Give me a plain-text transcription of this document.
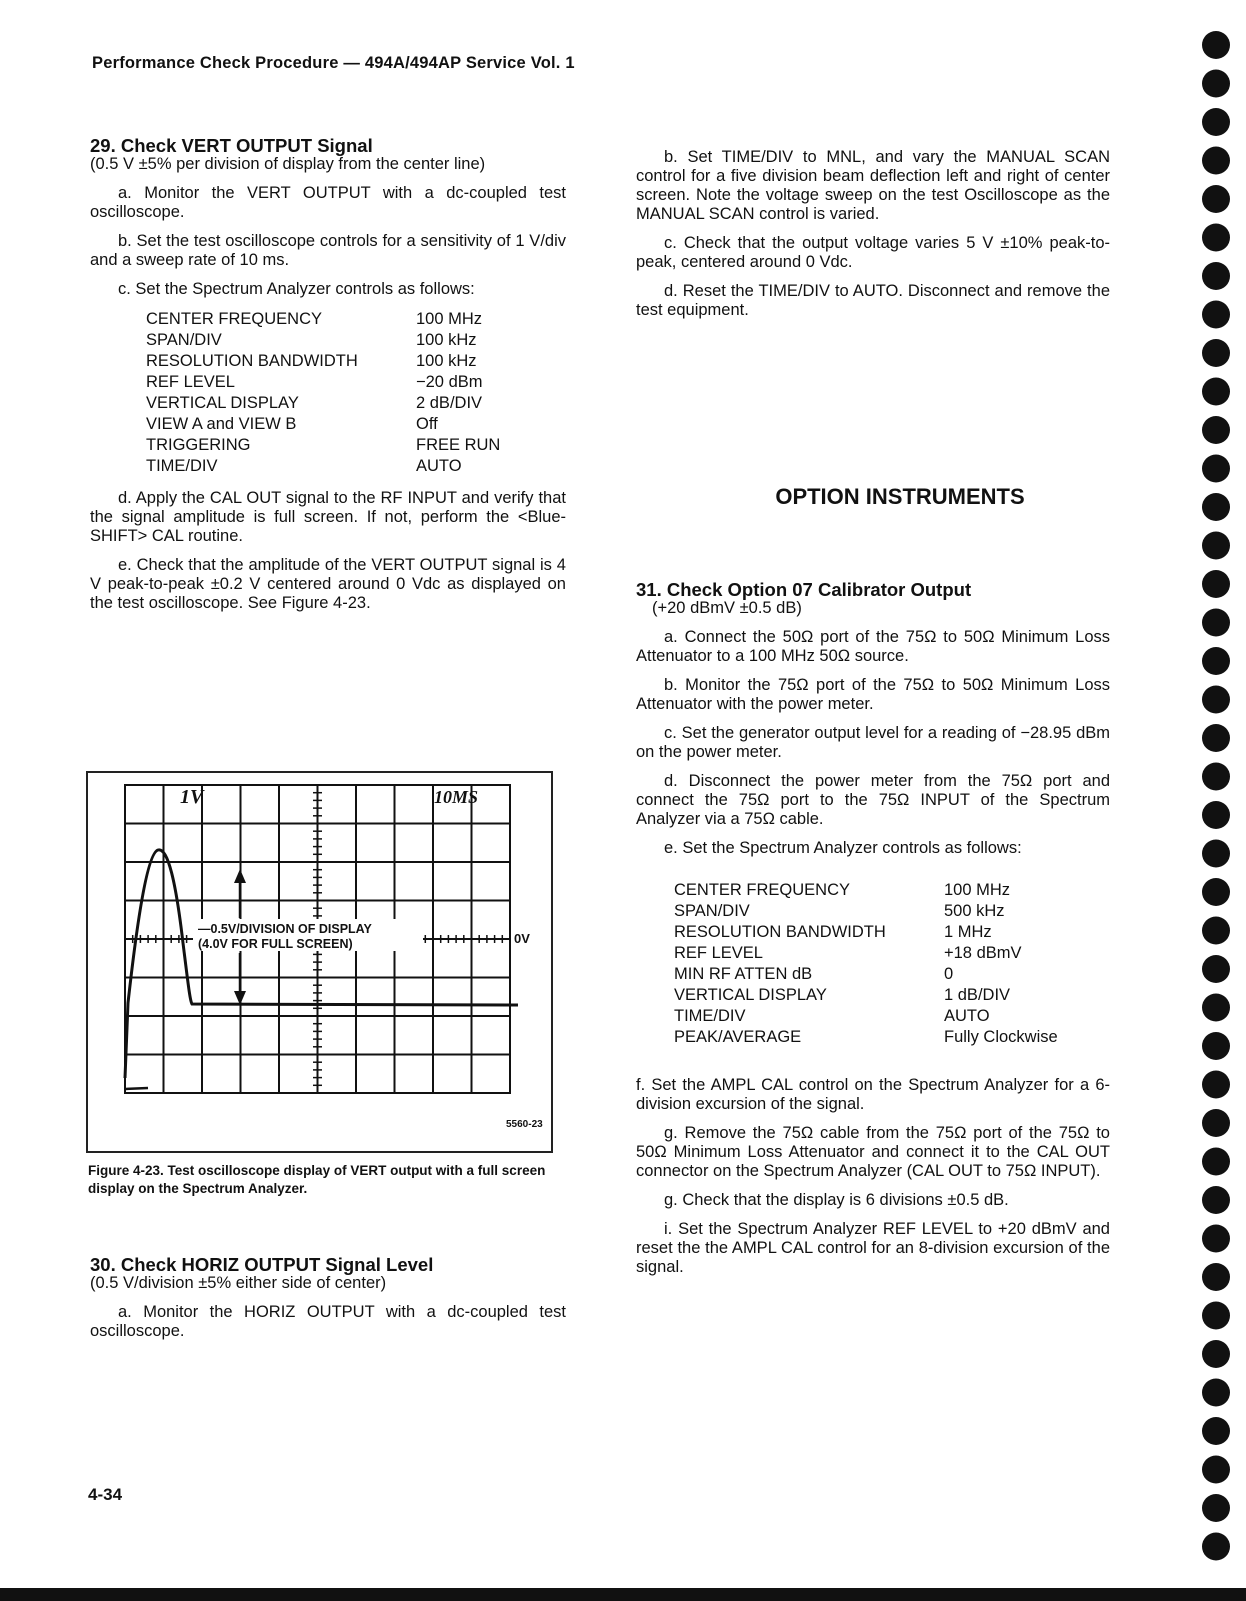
Performance Check Procedure — 494A/494AP Service Vol. 1
29. Check VERT OUTPUT Signal

(0.5 V ±5% per division of display from the center line)

a. Monitor the VERT OUTPUT with a dc-coupled test oscilloscope.

b. Set the test oscilloscope controls for a sensitivity of 1 V/div and a sweep rate of 10 ms.

c. Set the Spectrum Analyzer controls as follows:

CENTER FREQUENCY	100 MHz
SPAN/DIV	100 kHz
RESOLUTION BANDWIDTH	100 kHz
REF LEVEL	−20 dBm
VERTICAL DISPLAY	2 dB/DIV
VIEW A and VIEW B	Off
TRIGGERING	FREE RUN
TIME/DIV	AUTO

d. Apply the CAL OUT signal to the RF INPUT and verify that the signal amplitude is full screen. If not, perform the <Blue-SHIFT> CAL routine.

e. Check that the amplitude of the VERT OUTPUT signal is 4 V peak-to-peak ±0.2 V centered around 0 Vdc as displayed on the test oscilloscope. See Figure 4-23.

—0.5V/DIVISION OF DISPLAY
(4.0V FOR FULL SCREEN)	0V
1V	10MS
5560-23
Figure 4-23. Test oscilloscope display of VERT output with a full screen display on the Spectrum Analyzer.
30. Check HORIZ OUTPUT Signal Level

(0.5 V/division ±5% either side of center)

a. Monitor the HORIZ OUTPUT with a dc-coupled test oscilloscope.

b. Set TIME/DIV to MNL, and vary the MANUAL SCAN control for a five division beam deflection left and right of center screen. Note the voltage sweep on the test Oscilloscope as the MANUAL SCAN control is varied.

c. Check that the output voltage varies 5 V ±10% peak-to-peak, centered around 0 Vdc.

d. Reset the TIME/DIV to AUTO. Disconnect and remove the test equipment.

OPTION INSTRUMENTS
31. Check Option 07 Calibrator Output

(+20 dBmV ±0.5 dB)

a. Connect the 50Ω port of the 75Ω to 50Ω Minimum Loss Attenuator to a 100 MHz 50Ω source.

b. Monitor the 75Ω port of the 75Ω to 50Ω Minimum Loss Attenuator with the power meter.

c. Set the generator output level for a reading of −28.95 dBm on the power meter.

d. Disconnect the power meter from the 75Ω port and connect the 75Ω port to the 75Ω INPUT of the Spectrum Analyzer via a 75Ω cable.

e. Set the Spectrum Analyzer controls as follows:

CENTER FREQUENCY	100 MHz
SPAN/DIV	500 kHz
RESOLUTION BANDWIDTH	1 MHz
REF LEVEL	+18 dBmV
MIN RF ATTEN dB	0
VERTICAL DISPLAY	1 dB/DIV
TIME/DIV	AUTO
PEAK/AVERAGE	Fully Clockwise

f. Set the AMPL CAL control on the Spectrum Analyzer for a 6-division excursion of the signal.

g. Remove the 75Ω cable from the 75Ω port of the 75Ω to 50Ω Minimum Loss Attenuator and connect it to the CAL OUT connector on the Spectrum Analyzer (CAL OUT to 75Ω INPUT).

g. Check that the display is 6 divisions ±0.5 dB.

i. Set the Spectrum Analyzer REF LEVEL to +20 dBmV and reset the the AMPL CAL control for an 8-division excursion of the signal.

4-34
